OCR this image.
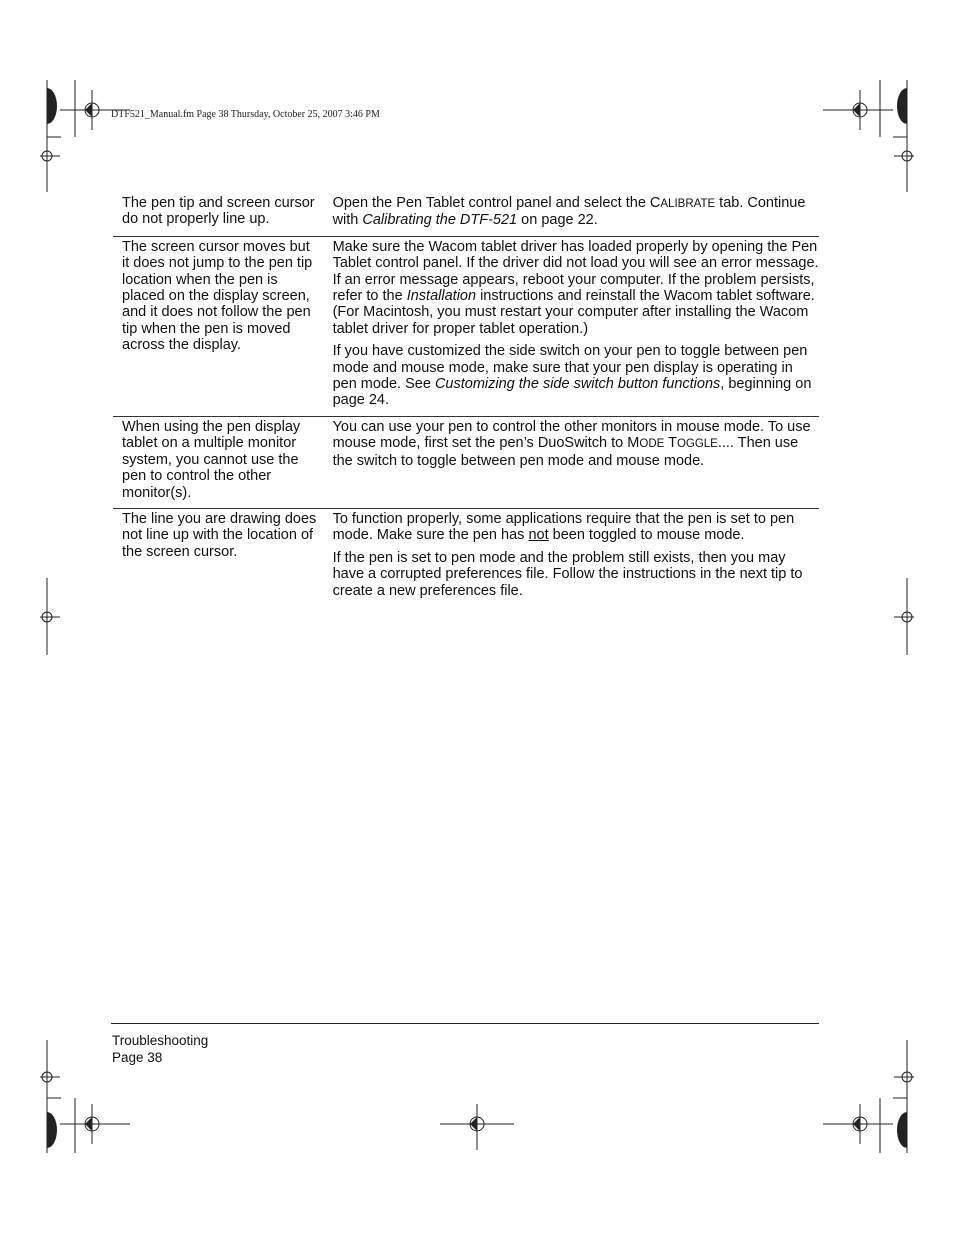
DTF521_Manual.fm Page 38 Thursday, October 25, 2007 3:46 PM
The pen tip and screen cursor do not properly line up.

Open the Pen Tablet control panel and select the CALIBRATE tab. Continue with Calibrating the DTF-521 on page 22.

The screen cursor moves but it does not jump to the pen tip location when the pen is placed on the display screen, and it does not follow the pen tip when the pen is moved across the display.

Make sure the Wacom tablet driver has loaded properly by opening the Pen Tablet control panel. If the driver did not load you will see an error message. If an error message appears, reboot your computer. If the problem persists, refer to the Installation instructions and reinstall the Wacom tablet software. (For Macintosh, you must restart your computer after installing the Wacom tablet driver for proper tablet operation.)

If you have customized the side switch on your pen to toggle between pen mode and mouse mode, make sure that your pen display is operating in pen mode. See Customizing the side switch button functions, beginning on page 24.

When using the pen display tablet on a multiple monitor system, you cannot use the pen to control the other monitor(s).

You can use your pen to control the other monitors in mouse mode. To use mouse mode, first set the pen’s DuoSwitch to MODE TOGGLE.... Then use the switch to toggle between pen mode and mouse mode.

The line you are drawing does not line up with the location of the screen cursor.

To function properly, some applications require that the pen is set to pen mode. Make sure the pen has not been toggled to mouse mode.

If the pen is set to pen mode and the problem still exists, then you may have a corrupted preferences file. Follow the instructions in the next tip to create a new preferences file.

Troubleshooting
Page 38
